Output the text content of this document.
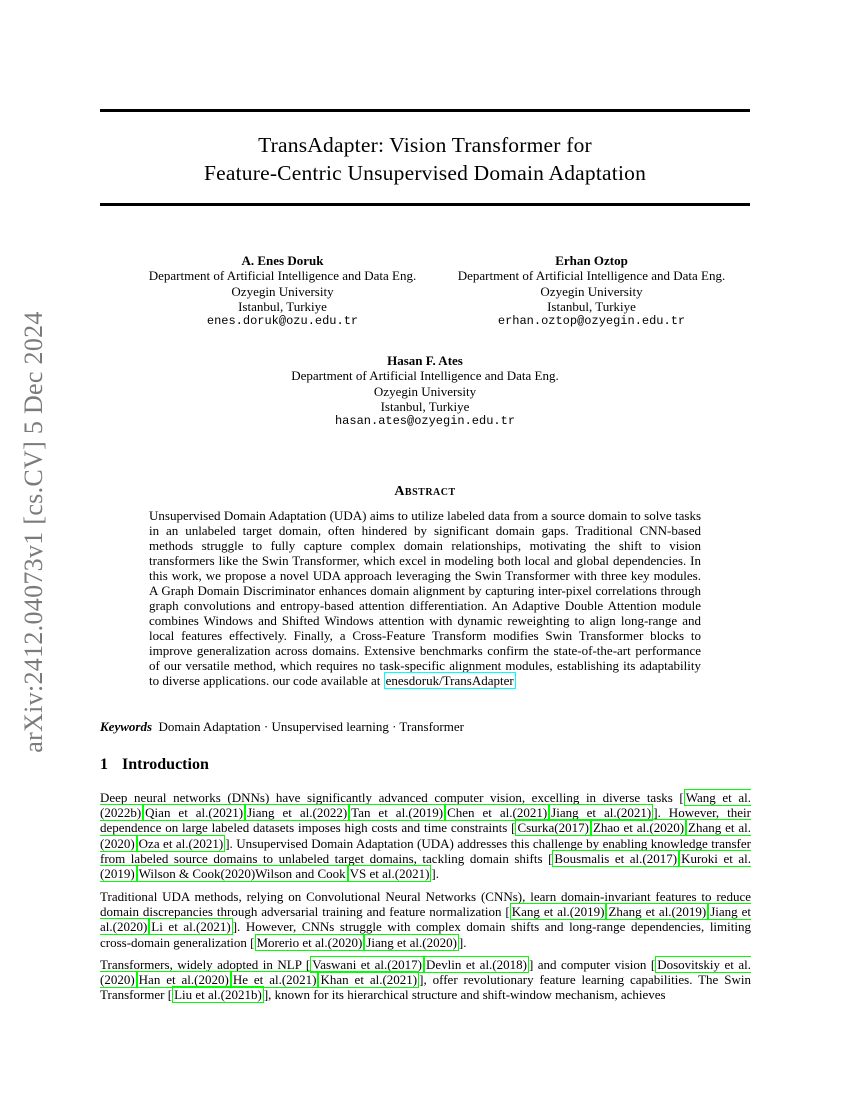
arXiv:2412.04073v1 [cs.CV] 5 Dec 2024
TransAdapter: Vision Transformer for
Feature-Centric Unsupervised Domain Adaptation
A. Enes Doruk
Department of Artificial Intelligence and Data Eng.
Ozyegin University
Istanbul, Turkiye
enes.doruk@ozu.edu.tr
Erhan Oztop
Department of Artificial Intelligence and Data Eng.
Ozyegin University
Istanbul, Turkiye
erhan.oztop@ozyegin.edu.tr
Hasan F. Ates
Department of Artificial Intelligence and Data Eng.
Ozyegin University
Istanbul, Turkiye
hasan.ates@ozyegin.edu.tr
Abstract
Unsupervised Domain Adaptation (UDA) aims to utilize labeled data from a source domain to solve tasks in an unlabeled target domain, often hindered by significant domain gaps. Traditional CNN-based methods struggle to fully capture complex domain relationships, motivating the shift to vision transformers like the Swin Transformer, which excel in modeling both local and global dependencies. In this work, we propose a novel UDA approach leveraging the Swin Transformer with three key modules. A Graph Domain Discriminator enhances domain alignment by capturing inter-pixel correlations through graph convolutions and entropy-based attention differentiation. An Adaptive Double Attention module combines Windows and Shifted Windows attention with dynamic reweighting to align long-range and local features effectively. Finally, a Cross-Feature Transform modifies Swin Transformer blocks to improve generalization across domains. Extensive benchmarks confirm the state-of-the-art performance of our versatile method, which requires no task-specific alignment modules, establishing its adaptability to diverse applications. our code available at enesdoruk/TransAdapter
Keywords Domain Adaptation · Unsupervised learning · Transformer
1 Introduction
Deep neural networks (DNNs) have significantly advanced computer vision, excelling in diverse tasks [ Wang et al.(2022b) Qian et al.(2021) Jiang et al.(2022) Tan et al.(2019) Chen et al.(2021) Jiang et al.(2021) ]. However, their dependence on large labeled datasets imposes high costs and time constraints [ Csurka(2017) Zhao et al.(2020) Zhang et al.(2020) Oza et al.(2021) ]. Unsupervised Domain Adaptation (UDA) addresses this challenge by enabling knowledge transfer from labeled source domains to unlabeled target domains, tackling domain shifts [ Bousmalis et al.(2017) Kuroki et al.(2019) Wilson & Cook(2020)Wilson and Cook VS et al.(2021) ].
Traditional UDA methods, relying on Convolutional Neural Networks (CNNs), learn domain-invariant features to reduce domain discrepancies through adversarial training and feature normalization [ Kang et al.(2019) Zhang et al.(2019) Jiang et al.(2020) Li et al.(2021) ]. However, CNNs struggle with complex domain shifts and long-range dependencies, limiting cross-domain generalization [ Morerio et al.(2020) Jiang et al.(2020) ].
Transformers, widely adopted in NLP [ Vaswani et al.(2017) Devlin et al.(2018) ] and computer vision [ Dosovitskiy et al.(2020) Han et al.(2020) He et al.(2021) Khan et al.(2021) ], offer revolutionary feature learning capabilities. The Swin Transformer [ Liu et al.(2021b) ], known for its hierarchical structure and shift-window mechanism, achieves
